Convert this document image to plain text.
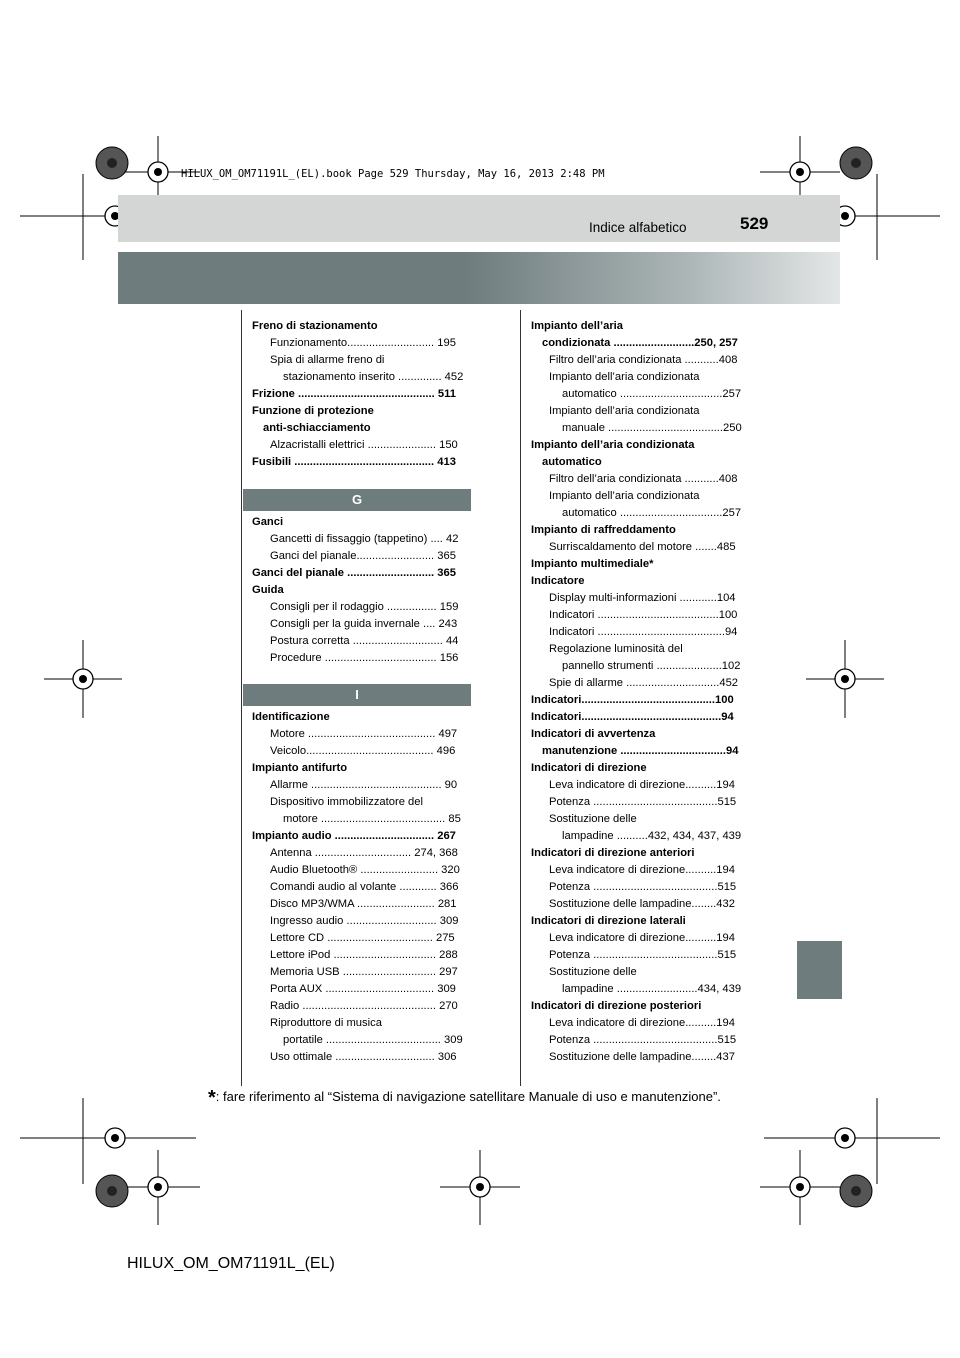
HILUX_OM_OM71191L_(EL).book Page 529 Thursday, May 16, 2013 2:48 PM
529
Indice alfabetico
Freno di stazionamento
Funzionamento............................ 195
Spia di allarme freno di
stazionamento inserito .............. 452
Frizione ............................................ 511
Funzione di protezione
anti-schiacciamento
Alzacristalli elettrici ...................... 150
Fusibili ............................................. 413
G
Ganci
Gancetti di fissaggio (tappetino) .... 42
Ganci del pianale......................... 365
Ganci del pianale ............................ 365
Guida
Consigli per il rodaggio ................ 159
Consigli per la guida invernale .... 243
Postura corretta ............................. 44
Procedure .................................... 156
I
Identificazione
Motore ......................................... 497
Veicolo......................................... 496
Impianto antifurto
Allarme .......................................... 90
Dispositivo immobilizzatore del
motore ........................................ 85
Impianto audio ................................ 267
Antenna ............................... 274, 368
Audio Bluetooth® ......................... 320
Comandi audio al volante ............ 366
Disco MP3/WMA ......................... 281
Ingresso audio ............................. 309
Lettore CD .................................. 275
Lettore iPod ................................. 288
Memoria USB .............................. 297
Porta AUX ................................... 309
Radio ........................................... 270
Riproduttore di musica
portatile ..................................... 309
Uso ottimale ................................ 306
Impianto dell’aria
condizionata ..........................250, 257
Filtro dell’aria condizionata ...........408
Impianto dell’aria condizionata
automatico .................................257
Impianto dell’aria condizionata
manuale .....................................250
Impianto dell’aria condizionata
automatico
Filtro dell’aria condizionata ...........408
Impianto dell’aria condizionata
automatico .................................257
Impianto di raffreddamento
Surriscaldamento del motore .......485
Impianto multimediale*
Indicatore
Display multi-informazioni ............104
Indicatori .......................................100
Indicatori .........................................94
Regolazione luminosità del
pannello strumenti .....................102
Spie di allarme ..............................452
Indicatori...........................................100
Indicatori.............................................94
Indicatori di avvertenza
manutenzione ..................................94
Indicatori di direzione
Leva indicatore di direzione..........194
Potenza ........................................515
Sostituzione delle
lampadine ..........432, 434, 437, 439
Indicatori di direzione anteriori
Leva indicatore di direzione..........194
Potenza ........................................515
Sostituzione delle lampadine........432
Indicatori di direzione laterali
Leva indicatore di direzione..........194
Potenza ........................................515
Sostituzione delle
lampadine ..........................434, 439
Indicatori di direzione posteriori
Leva indicatore di direzione..........194
Potenza ........................................515
Sostituzione delle lampadine........437
*: fare riferimento al “Sistema di navigazione satellitare Manuale di uso e manutenzione”.
HILUX_OM_OM71191L_(EL)
